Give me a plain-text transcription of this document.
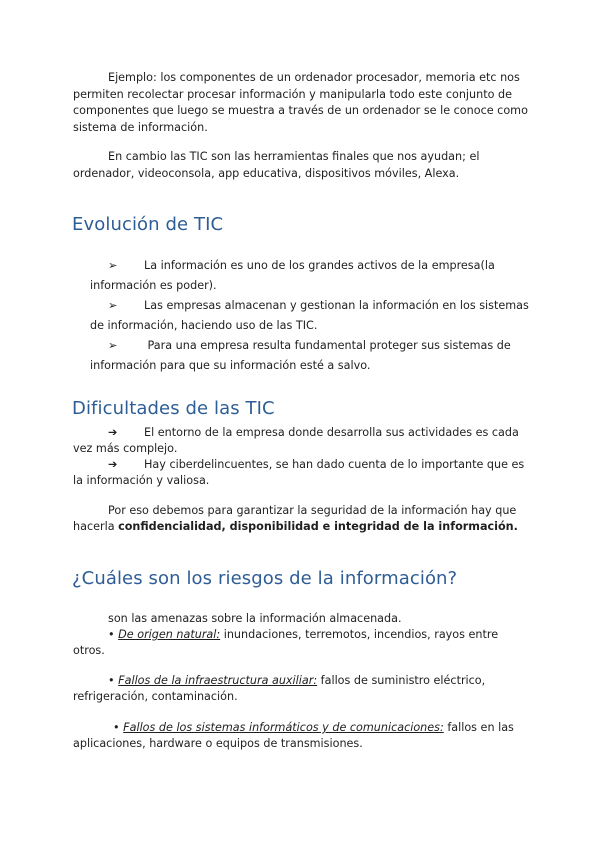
Ejemplo: los componentes de un ordenador procesador, memoria etc nos permiten recolectar procesar información y manipularla todo este conjunto de componentes que luego se muestra a través de un ordenador se le conoce como sistema de información.

En cambio las TIC son las herramientas finales que nos ayudan; el ordenador, videoconsola, app educativa, dispositivos móviles, Alexa.

Evolución de TIC
➢ La información es uno de los grandes activos de la empresa(la
información es poder).
➢ Las empresas almacenan y gestionan la información en los sistemas
de información, haciendo uso de las TIC.
➢ Para una empresa resulta fundamental proteger sus sistemas de
información para que su información esté a salvo.
Dificultades de las TIC
➔ El entorno de la empresa donde desarrolla sus actividades es cada
vez más complejo.
➔ Hay ciberdelincuentes, se han dado cuenta de lo importante que es
la información y valiosa.
Por eso debemos para garantizar la seguridad de la información hay que
hacerla confidencialidad, disponibilidad e integridad de la información.
¿Cuáles son los riesgos de la información?
son las amenazas sobre la información almacenada.
• De origen natural: inundaciones, terremotos, incendios, rayos entre
otros.
• Fallos de la infraestructura auxiliar: fallos de suministro eléctrico,
refrigeración, contaminación.
• Fallos de los sistemas informáticos y de comunicaciones: fallos en las
aplicaciones, hardware o equipos de transmisiones.
